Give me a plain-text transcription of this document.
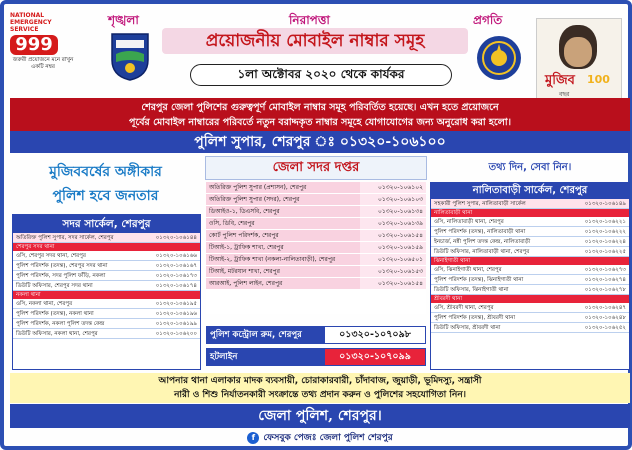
NATIONAL
EMERGENCY
SERVICE
999
জরুরী প্রয়োজনে মনে রাখুন একটি নম্বর
শৃঙ্খলা	নিরাপত্তা	প্রগতি
মুজিব 100
বছর
প্রয়োজনীয় মোবাইল নাম্বার সমূহ
১লা অক্টোবর ২০২০ থেকে কার্যকর
শেরপুর জেলা পুলিশের গুরুত্বপূর্ণ মোবাইল নাম্বার সমূহ পরিবর্তিত হয়েছে। এখন হতে প্রয়োজনে
পূর্বের মোবাইল নাম্বারের পরিবর্তে নতুন বরাদ্দকৃত নাম্বার সমূহে যোগাযোগের জন্য অনুরোধ করা হলো।
পুলিশ সুপার, শেরপুর ঃ ০১৩২০-১০৬১০০
মুজিববর্ষের অঙ্গীকার
পুলিশ হবে জনতার
সদর সার্কেল, শেরপুর
অতিরিক্ত পুলিশ সুপার, সদর সার্কেল, শেরপুর	০১৩২০-১০৬১৪৪
শেরপুর সদর থানা
ওসি, শেরপুর সদর থানা, শেরপুর	০১৩২০-১০৬১৬৬
পুলিশ পরিদর্শক (তদন্ত), শেরপুর সদর থানা	০১৩২০-১০৬১৬৭
পুলিশ পরিদর্শক, সদর পুলিশ ফাঁড়ি, নকলা	০১৩২০-১০৬১৭৩
ডিউটি অফিসার, শেরপুর সদর থানা	০১৩২০-১০৬১৭৪
নকলা থানা
ওসি, নকলা থানা, শেরপুর	০১৩২০-১০৬১৯৫
পুলিশ পরিদর্শক (তদন্ত), নকলা থানা	০১৩২০-১০৬১৯৬
পুলিশ পরিদর্শক, নকলা পুলিশ তদন্ত কেন্দ্র	০১৩২০-১০৬১৯৯
ডিউটি অফিসার, নকলা থানা, শেরপুর	০১৩২০-১০৬২০০
জেলা সদর দপ্তর
অতিরিক্ত পুলিশ সুপার (প্রশাসন), শেরপুর	০১৩২০-১০৬১০২
অতিরিক্ত পুলিশ সুপার (সদর), শেরপুর	০১৩২০-১০৬১০৩
ডিআইও-১, ডিএসবি, শেরপুর	০১৩২০-১০৬১৩৪
ওসি, ডিবি, শেরপুর	০১৩২০-১০৬১৩৯
কোর্ট পুলিশ পরিদর্শক, শেরপুর	০১৩২০-১০৬১৫৪
টিআই-১, ট্রাফিক শাখা, শেরপুর	০১৩২০-১০৬১৫৯
টিআই-২, ট্রাফিক শাখা (নকলা-নালিতাবাড়ী), শেরপুর	০১৩২০-১০৬৫০১
টিআই, মটরযান শাখা, শেরপুর	০১৩২০-১০৬১৫৩
আরআই, পুলিশ লাইন, শেরপুর	০১৩২০-১০৬১৫৪
পুলিশ কন্ট্রোল রুম, শেরপুর	০১৩২০-১০৭০৯৮
হটলাইন	০১৩২০-১০৭০৯৯
তথ্য দিন, সেবা নিন।
নালিতাবাড়ী সার্কেল, শেরপুর
সহকারী পুলিশ সুপার, নালিতাবাড়ী সার্কেল	০১৩২০-১০৬১৪৯
নালিতাবাড়ী থানা
ওসি, নালিতাবাড়ী থানা, শেরপুর	০১৩২০-১০৬২২১
পুলিশ পরিদর্শক (তদন্ত), নালিতাবাড়ী থানা	০১৩২০-১০৬২২২
ইনচার্জ, নন্নী পুলিশ তদন্ত কেন্দ্র, নালিতাবাড়ী	০১৩২০-১০৬২২৪
ডিউটি অফিসার, নালিতাবাড়ী থানা, শেরপুর	০১৩২০-১০৬২২৫
ঝিনাইগাতী থানা
ওসি, ঝিনাইগাতী থানা, শেরপুর	০১৩২০-১০৬২৭৩
পুলিশ পরিদর্শক (তদন্ত), ঝিনাইগাতী থানা	০১৩২০-১০৬২৭৪
ডিউটি অফিসার, ঝিনাইগাতী থানা	০১৩২০-১০৬২৭৮
শ্রীবরদী থানা
ওসি, শ্রীবরদী থানা, শেরপুর	০১৩২০-১০৬২৪৭
পুলিশ পরিদর্শক (তদন্ত), শ্রীবরদী থানা	০১৩২০-১০৬২৪৮
ডিউটি অফিসার, শ্রীবরদী থানা	০১৩২০-১০৬২৫২
আপনার থানা এলাকার মাদক ব্যবসায়ী, চোরাকারবারী, চাঁদাবাজ, জুয়াড়ী, ভূমিদস্যু, সন্ত্রাসী
নারী ও শিশু নির্যাতনকারী সংক্রান্তে তথ্য প্রদান করুন ও পুলিশের সহযোগিতা নিন।
জেলা পুলিশ, শেরপুর।
f ফেসবুক পেজঃ জেলা পুলিশ শেরপুর
